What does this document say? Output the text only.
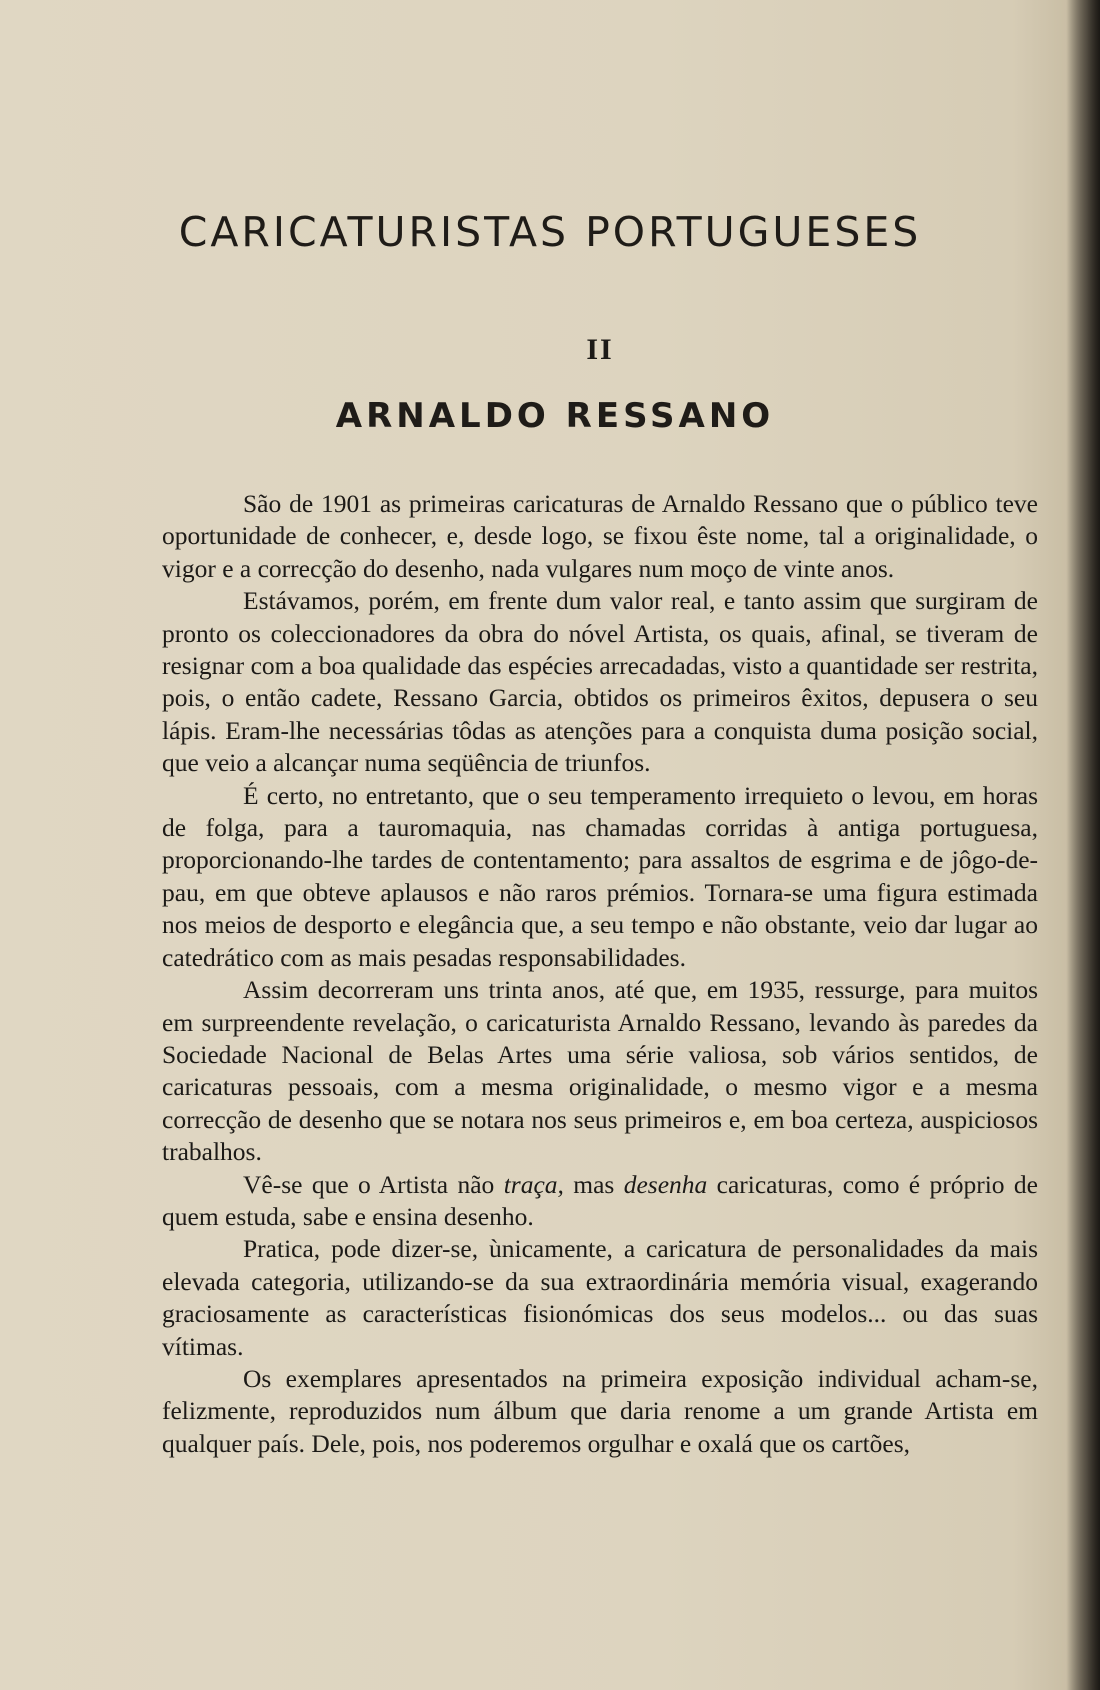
CARICATURISTAS PORTUGUESES
II
ARNALDO RESSANO

São de 1901 as primeiras caricaturas de Arnaldo Ressano que o público teve oportunidade de conhecer, e, desde logo, se fixou êste nome, tal a originalidade, o vigor e a correcção do desenho, nada vulgares num moço de vinte anos.

Estávamos, porém, em frente dum valor real, e tanto assim que surgiram de pronto os coleccionadores da obra do nóvel Artista, os quais, afinal, se tiveram de resignar com a boa qualidade das espécies arrecadadas, visto a quantidade ser restrita, pois, o então cadete, Ressano Garcia, obtidos os primeiros êxitos, depusera o seu lápis. Eram-lhe necessárias tôdas as atenções para a conquista duma posição social, que veio a alcançar numa seqüência de triunfos.

É certo, no entretanto, que o seu temperamento irrequieto o levou, em horas de folga, para a tauromaquia, nas chamadas corridas à antiga portuguesa, proporcionando-lhe tardes de contentamento; para assaltos de esgrima e de jôgo-de-pau, em que obteve aplausos e não raros prémios. Tornara-se uma figura estimada nos meios de desporto e elegância que, a seu tempo e não obstante, veio dar lugar ao catedrático com as mais pesadas responsabilidades.

Assim decorreram uns trinta anos, até que, em 1935, ressurge, para muitos em surpreendente revelação, o caricaturista Arnaldo Ressano, levando às paredes da Sociedade Nacional de Belas Artes uma série valiosa, sob vários sentidos, de caricaturas pessoais, com a mesma originalidade, o mesmo vigor e a mesma correcção de desenho que se notara nos seus primeiros e, em boa certeza, auspiciosos trabalhos.

Vê-se que o Artista não traça, mas desenha caricaturas, como é próprio de quem estuda, sabe e ensina desenho.

Pratica, pode dizer-se, ùnicamente, a caricatura de personalidades da mais elevada categoria, utilizando-se da sua extraordinária memória visual, exagerando graciosamente as características fisionómicas dos seus modelos... ou das suas vítimas.

Os exemplares apresentados na primeira exposição individual acham-se, felizmente, reproduzidos num álbum que daria renome a um grande Artista em qualquer país. Dele, pois, nos poderemos orgulhar e oxalá que os cartões,
